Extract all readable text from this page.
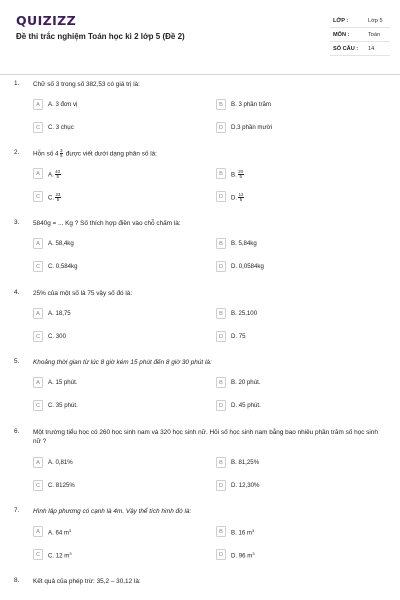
QUIZIZZ
Đề thi trắc nghiệm Toán học kì 2 lớp 5 (Đề 2)
LỚP :	Lớp 5
MÔN :	Toán
SỐ CÂU : 14
1. Chữ số 3 trong số 382,53 có giá trị là:
A	A. 3 đơn vị	B	B. 3 phần trăm
C	C. 3 chục	D	D.3 phần mười
2. Hỗn số $4 \frac{3}{5}$ được viết dưới dạng phân số là:
A	A. $\frac{43}{5}$	B	B. $\frac{20}{5}$
C	C. $\frac{23}{5}$	D	D. $\frac{12}{5}$
3. 5840g = ... Kg ? Số thích hợp điền vào chỗ chấm là:
A	A. 58,4kg	B	B. 5,84kg
C	C. 0,584kg	D	D. 0,0584kg
4. 25% của một số là 75 vậy số đó là:
A	A. 18,75	B	B. 25,100
C	C. 300	D	D. 75
5. Khoảng thời gian từ lúc 8 giờ kém 15 phút đến 8 giờ 30 phút là:
A	A. 15 phút.	B	B. 20 phút.
C	C. 35 phút.	D	D. 45 phút.
6. Một trường tiểu học có 260 học sinh nam và 320 học sinh nữ. Hỏi số học sinh nam bằng bao nhiêu phần trăm số học sinh nữ ?
A	A. 0,81%	B	B. 81,25%
C	C. 8125%	D	D. 12,30%
7. Hình lập phương có cạnh là 4m. Vậy thể tích hình đó là:
A	A. 64 $m^3$	B	B. 16 $m^3$
C	C. 12 $m^3$	D	D. 96 $m^3$
8. Kết quả của phép trừ: 35,2 – 30,12 là:
